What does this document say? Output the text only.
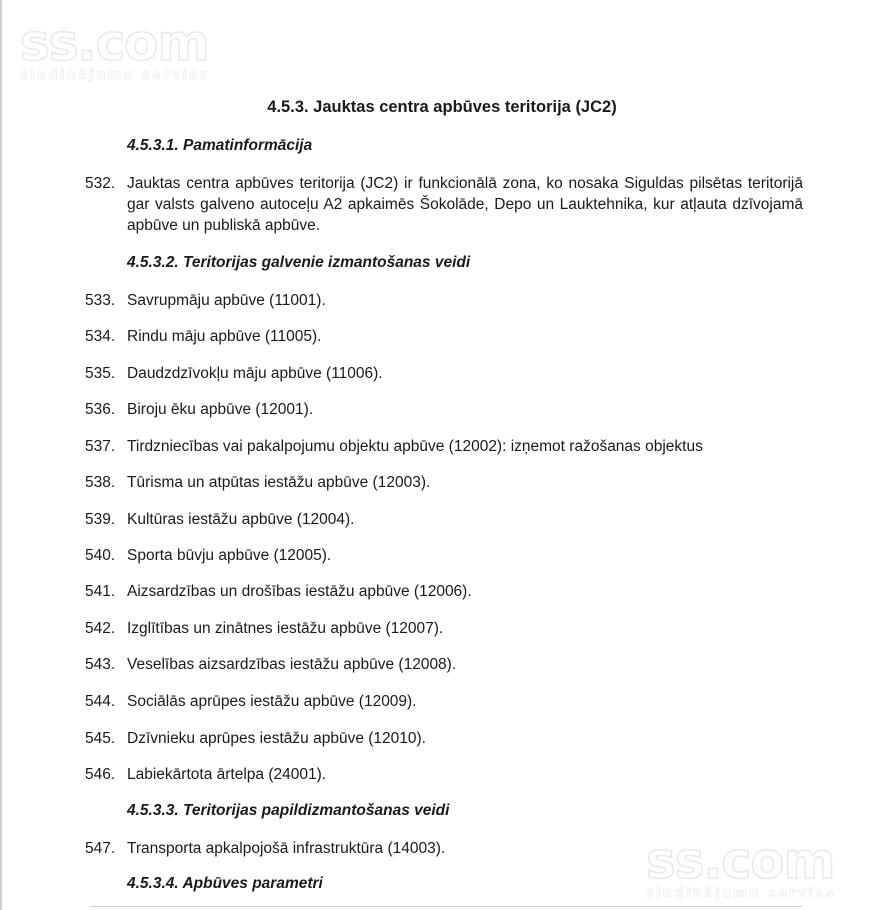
ss.com
sludinājumu serviss
4.5.3. Jauktas centra apbūves teritorija (JC2)
4.5.3.1. Pamatinformācija
532. Jauktas centra apbūves teritorija (JC2) ir funkcionālā zona, ko nosaka Siguldas pilsētas teritorijā gar valsts galveno autoceļu A2 apkaimēs Šokolāde, Depo un Lauktehnika, kur atļauta dzīvojamā apbūve un publiskā apbūve.
4.5.3.2. Teritorijas galvenie izmantošanas veidi
533. Savrupmāju apbūve (11001).
534. Rindu māju apbūve (11005).
535. Daudzdzīvokļu māju apbūve (11006).
536. Biroju ēku apbūve (12001).
537. Tirdzniecības vai pakalpojumu objektu apbūve (12002): izņemot ražošanas objektus
538. Tūrisma un atpūtas iestāžu apbūve (12003).
539. Kultūras iestāžu apbūve (12004).
540. Sporta būvju apbūve (12005).
541. Aizsardzības un drošības iestāžu apbūve (12006).
542. Izglītības un zinātnes iestāžu apbūve (12007).
543. Veselības aizsardzības iestāžu apbūve (12008).
544. Sociālās aprūpes iestāžu apbūve (12009).
545. Dzīvnieku aprūpes iestāžu apbūve (12010).
546. Labiekārtota ārtelpa (24001).
4.5.3.3. Teritorijas papildizmantošanas veidi
547. Transporta apkalpojošā infrastruktūra (14003).
4.5.3.4. Apbūves parametri	ss.com
sludinājumu serviss
